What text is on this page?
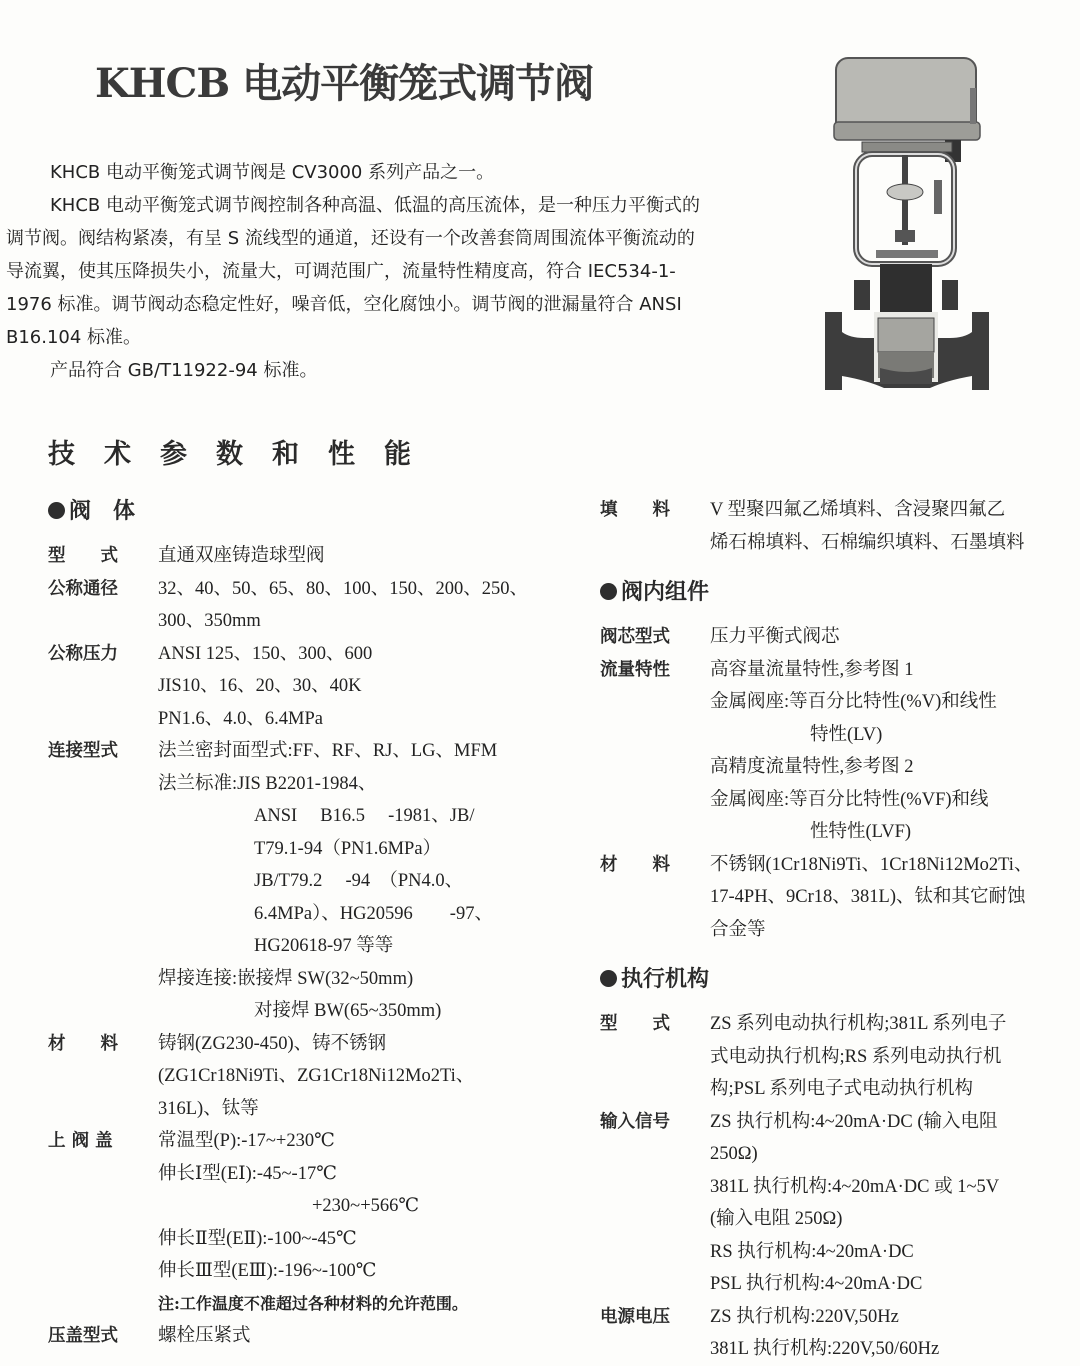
KHCB 电动平衡笼式调节阀

KHCB 电动平衡笼式调节阀是 CV3000 系列产品之一。

KHCB 电动平衡笼式调节阀控制各种高温、低温的高压流体，是一种压力平衡式的调节阀。阀结构紧凑，有呈 S 流线型的通道，还设有一个改善套筒周围流体平衡流动的导流翼，使其压降损失小，流量大，可调范围广，流量特性精度高，符合 IEC534-1-1976 标准。调节阀动态稳定性好，噪音低，空化腐蚀小。调节阀的泄漏量符合 ANSI B16.104 标准。

产品符合 GB/T11922-94 标准。

技术参数和性能
阀　体
型　　式	直通双座铸造球型阀
公称通径	32、40、50、65、80、100、150、200、250、
300、350mm
公称压力	ANSI 125、150、300、600
JIS10、16、20、30、40K
PN1.6、4.0、6.4MPa
连接型式	法兰密封面型式:FF、RF、RJ、LG、MFM
法兰标准:JIS B2201-1984、
ANSI　 B16.5　 -1981、JB/
T79.1-94（PN1.6MPa）
JB/T79.2　 -94　（PN4.0、
6.4MPa）、HG20596　　-97、
HG20618-97 等等
焊接连接:嵌接焊 SW(32~50mm)
对接焊 BW(65~350mm)
材　　料	铸钢(ZG230-450)、铸不锈钢
(ZG1Cr18Ni9Ti、ZG1Cr18Ni12Mo2Ti、
316L)、钛等
上 阀 盖	常温型(P):-17~+230℃
伸长Ⅰ型(EⅠ):-45~-17℃
+230~+566℃
伸长Ⅱ型(EⅡ):-100~-45℃
伸长Ⅲ型(EⅢ):-196~-100℃
注:工作温度不准超过各种材料的允许范围。
压盖型式	螺栓压紧式
填　　料	V 型聚四氟乙烯填料、含浸聚四氟乙
烯石棉填料、石棉编织填料、石墨填料
阀内组件
阀芯型式	压力平衡式阀芯
流量特性	高容量流量特性,参考图 1
金属阀座:等百分比特性(%V)和线性
特性(LV)
高精度流量特性,参考图 2
金属阀座:等百分比特性(%VF)和线
性特性(LVF)
材　　料	不锈钢(1Cr18Ni9Ti、1Cr18Ni12Mo2Ti、
17-4PH、9Cr18、381L)、钛和其它耐蚀
合金等
执行机构
型　　式	ZS 系列电动执行机构;381L 系列电子
式电动执行机构;RS 系列电动执行机
构;PSL 系列电子式电动执行机构
输入信号	ZS 执行机构:4~20mA·DC (输入电阻
250Ω)
381L 执行机构:4~20mA·DC 或 1~5V
(输入电阻 250Ω)
RS 执行机构:4~20mA·DC
PSL 执行机构:4~20mA·DC
电源电压	ZS 执行机构:220V,50Hz
381L 执行机构:220V,50/60Hz
